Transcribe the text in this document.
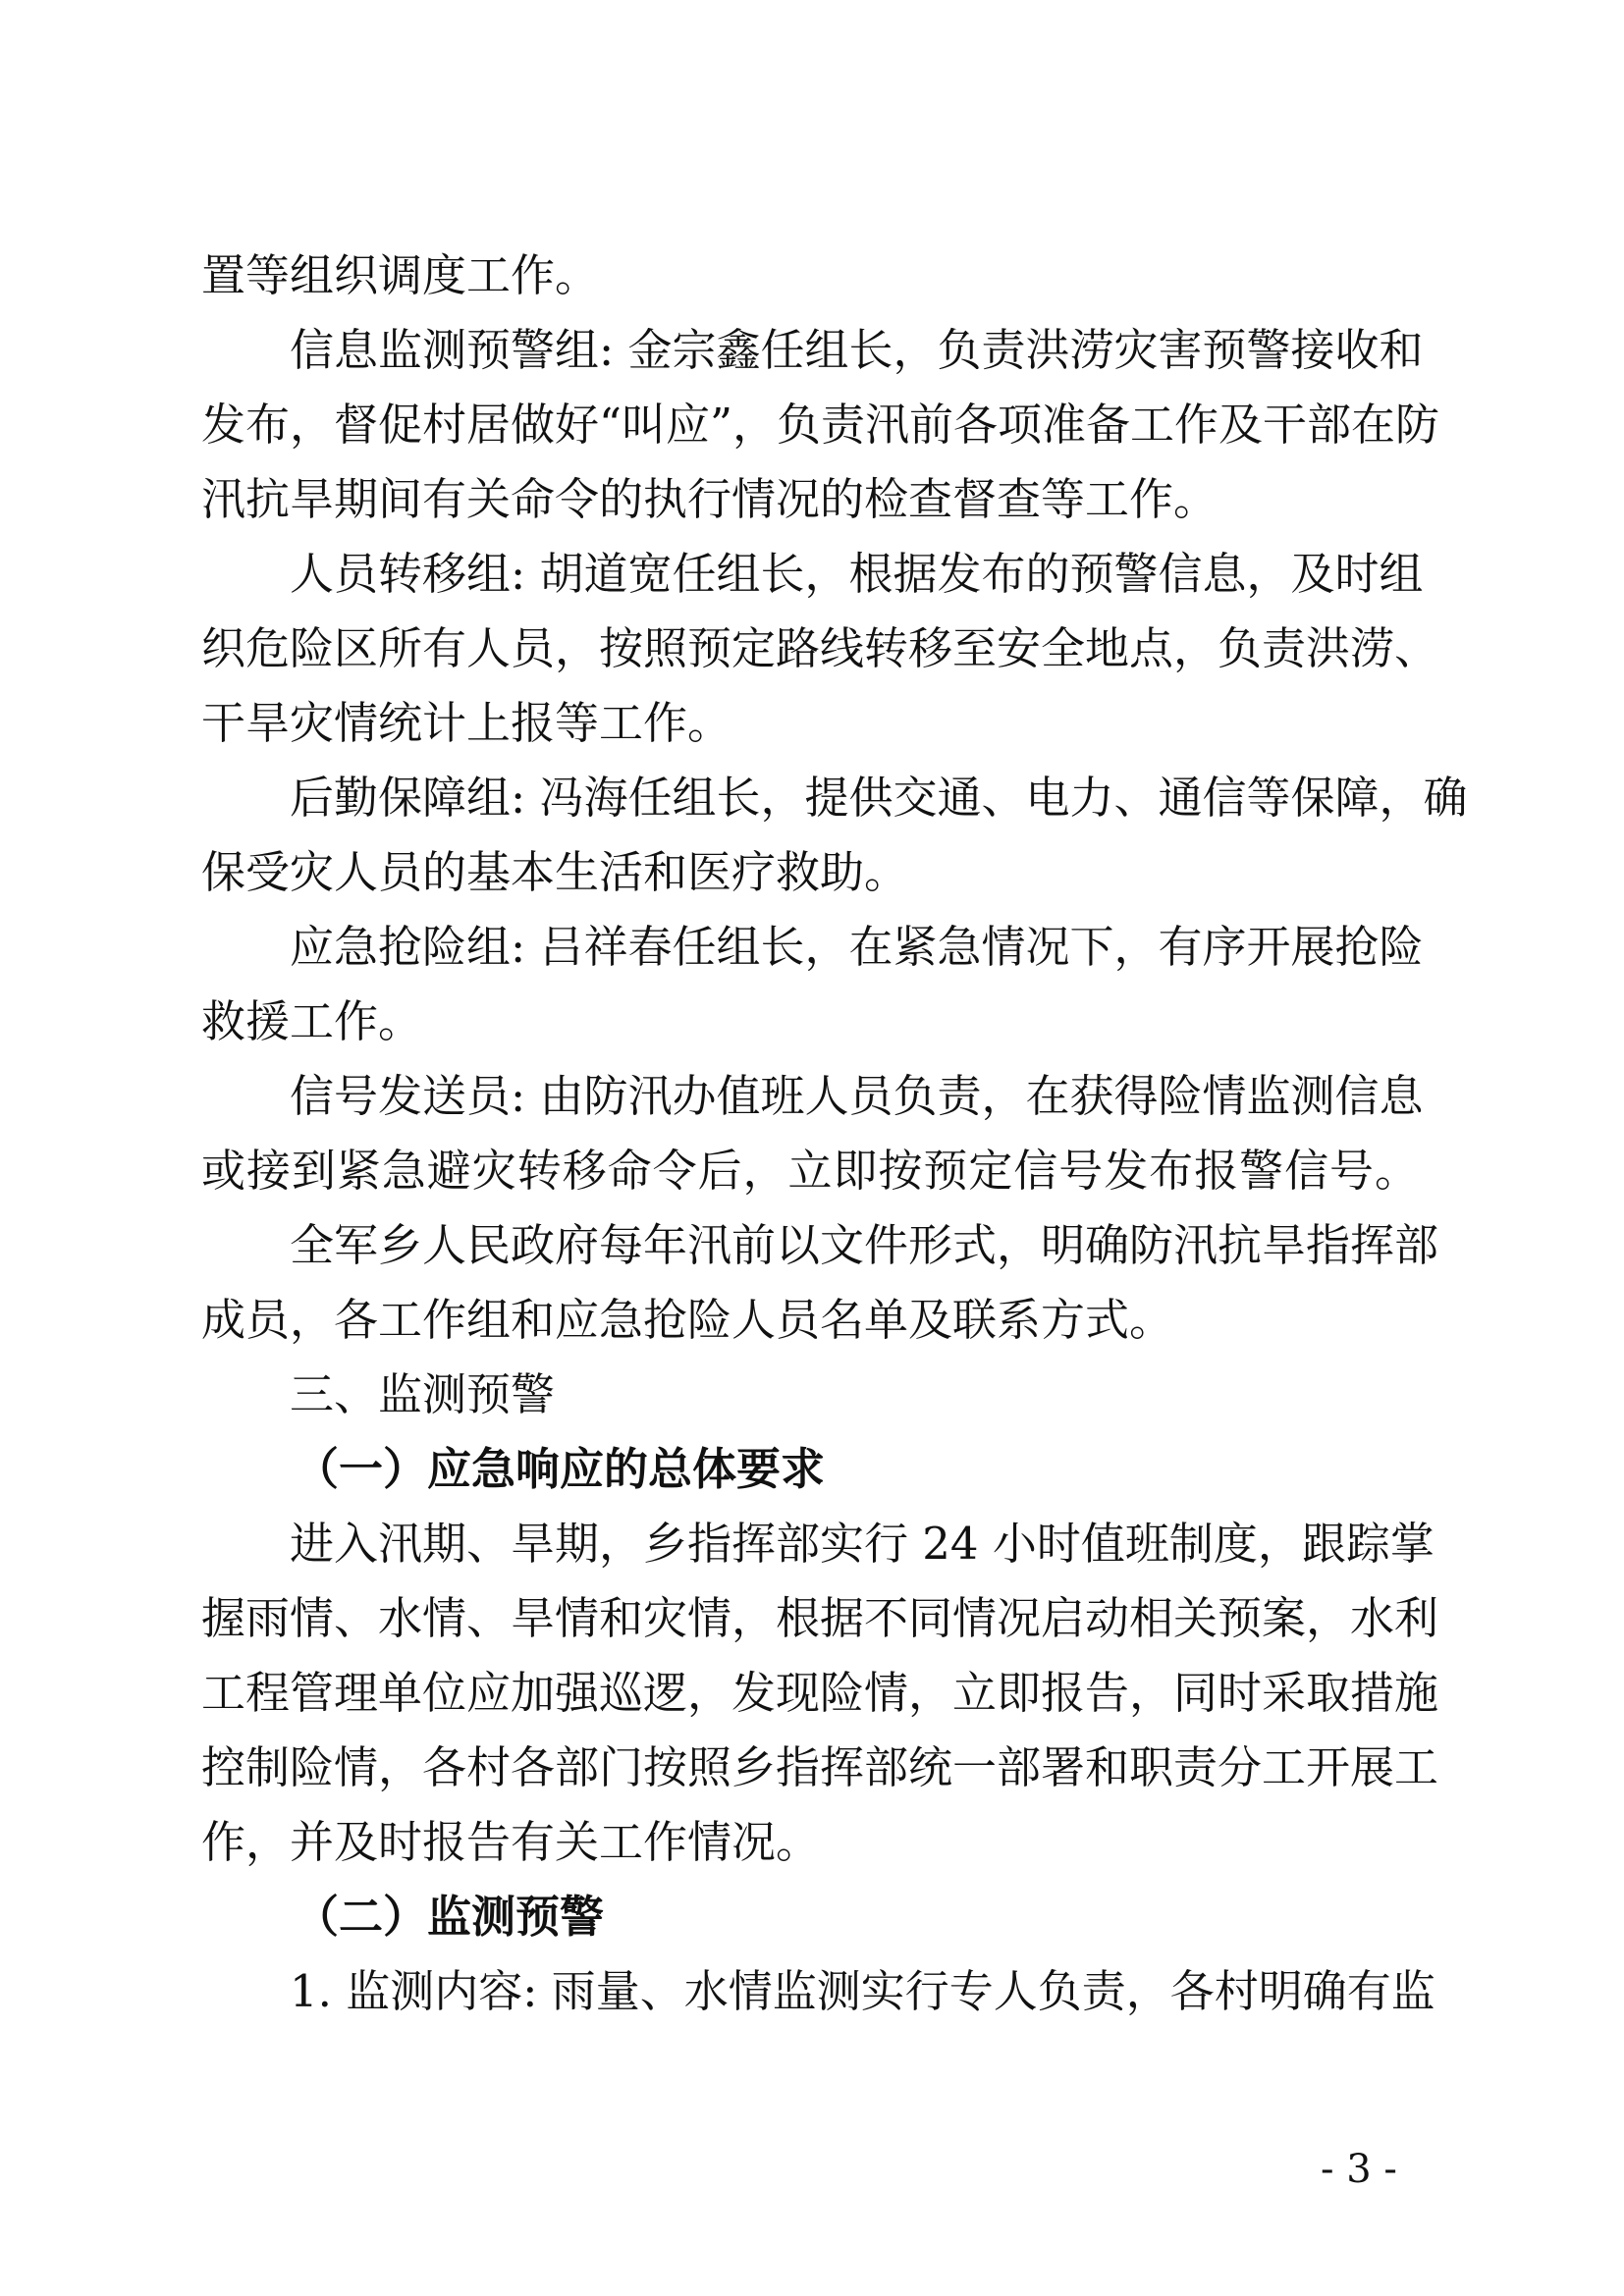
置等组织调度工作。
信息监测预警组: 金宗鑫任组长，负责洪涝灾害预警接收和
发布，督促村居做好“叫应”，负责汛前各项准备工作及干部在防
汛抗旱期间有关命令的执行情况的检查督查等工作。
人员转移组: 胡道宽任组长，根据发布的预警信息，及时组
织危险区所有人员，按照预定路线转移至安全地点，负责洪涝、
干旱灾情统计上报等工作。
后勤保障组: 冯海任组长，提供交通、电力、通信等保障，确
保受灾人员的基本生活和医疗救助。
应急抢险组: 吕祥春任组长，在紧急情况下，有序开展抢险
救援工作。
信号发送员: 由防汛办值班人员负责，在获得险情监测信息
或接到紧急避灾转移命令后，立即按预定信号发布报警信号。
全军乡人民政府每年汛前以文件形式，明确防汛抗旱指挥部
成员，各工作组和应急抢险人员名单及联系方式。
三、监测预警
（一）应急响应的总体要求
进入汛期、旱期，乡指挥部实行 24 小时值班制度，跟踪掌
握雨情、水情、旱情和灾情，根据不同情况启动相关预案，水利
工程管理单位应加强巡逻，发现险情，立即报告，同时采取措施
控制险情，各村各部门按照乡指挥部统一部署和职责分工开展工
作，并及时报告有关工作情况。
（二）监测预警
1. 监测内容: 雨量、水情监测实行专人负责，各村明确有监
- 3 -
